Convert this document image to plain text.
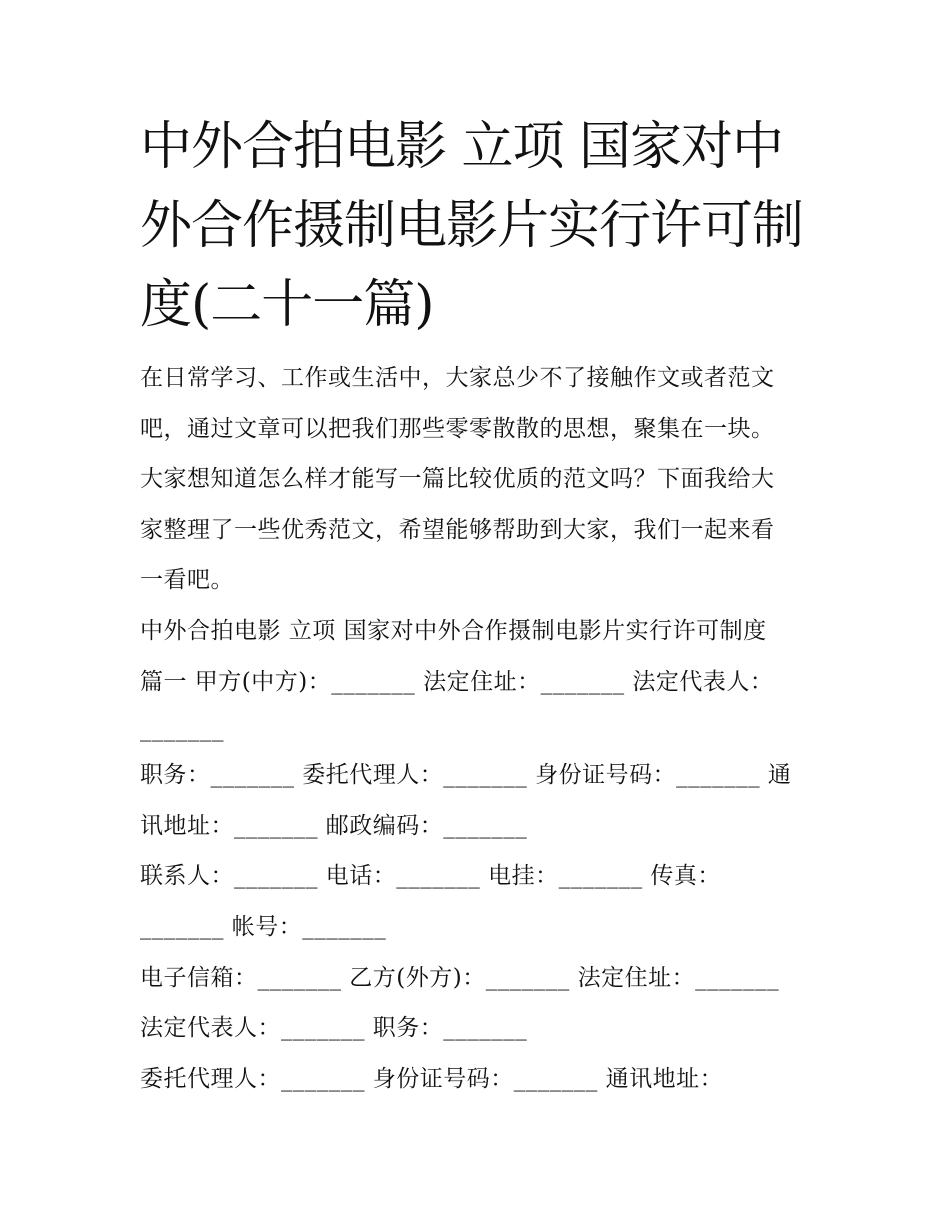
中外合拍电影 立项 国家对中
外合作摄制电影片实行许可制
度(二十一篇)
在日常学习、工作或生活中，大家总少不了接触作文或者范文
吧，通过文章可以把我们那些零零散散的思想，聚集在一块。
大家想知道怎么样才能写一篇比较优质的范文吗？下面我给大
家整理了一些优秀范文，希望能够帮助到大家，我们一起来看
一看吧。
中外合拍电影 立项 国家对中外合作摄制电影片实行许可制度
篇一 甲方(中方)：_______ 法定住址：_______ 法定代表人：
_______
职务：_______ 委托代理人：_______ 身份证号码：_______ 通
讯地址：_______ 邮政编码：_______
联系人：_______ 电话：_______ 电挂：_______ 传真：
_______ 帐号：_______
电子信箱：_______ 乙方(外方)：_______ 法定住址：_______
法定代表人：_______ 职务：_______
委托代理人：_______ 身份证号码：_______ 通讯地址：
